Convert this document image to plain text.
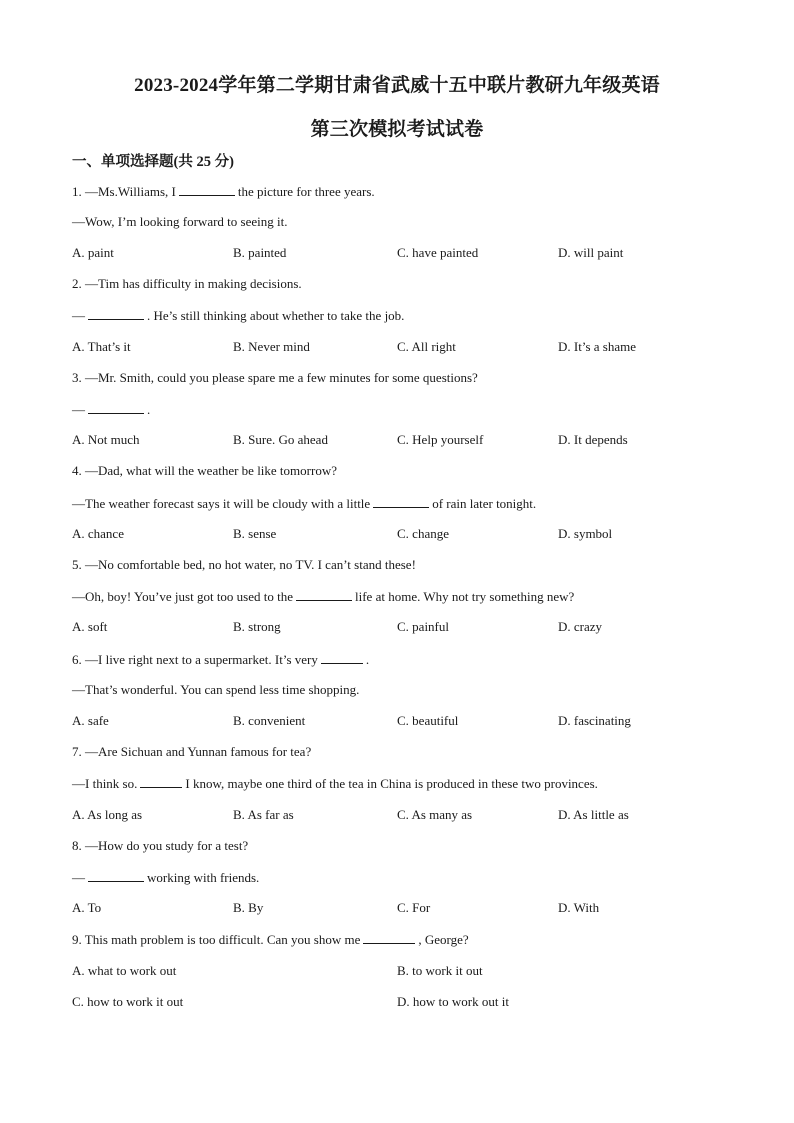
2023-2024学年第二学期甘肃省武威十五中联片教研九年级英语
第三次模拟考试试卷
一、单项选择题(共 25 分)
1. —Ms.Williams, I	the picture for three years.
—Wow, I’m looking forward to seeing it.
A. paint	B. painted	C. have painted	D. will paint
2. —Tim has difficulty in making decisions.
—	. He’s still thinking about whether to take the job.
A. That’s it	B. Never mind	C. All right	D. It’s a shame
3. —Mr. Smith, could you please spare me a few minutes for some questions?
—	.
A. Not much	B. Sure. Go ahead	C. Help yourself	D. It depends
4. —Dad, what will the weather be like tomorrow?
—The weather forecast says it will be cloudy with a little	of rain later tonight.
A. chance	B. sense	C. change	D. symbol
5. —No comfortable bed, no hot water, no TV. I can’t stand these!
—Oh, boy! You’ve just got too used to the	life at home. Why not try something new?
A. soft	B. strong	C. painful	D. crazy
6. —I live right next to a supermarket. It’s very	.
—That’s wonderful. You can spend less time shopping.
A. safe	B. convenient	C. beautiful	D. fascinating
7. —Are Sichuan and Yunnan famous for tea?
—I think so.	I know, maybe one third of the tea in China is produced in these two provinces.
A. As long as	B. As far as	C. As many as	D. As little as
8. —How do you study for a test?
—	working with friends.
A. To	B. By	C. For	D. With
9. This math problem is too difficult. Can you show me	, George?
A. what to work out	B. to work it out
C. how to work it out	D. how to work out it
